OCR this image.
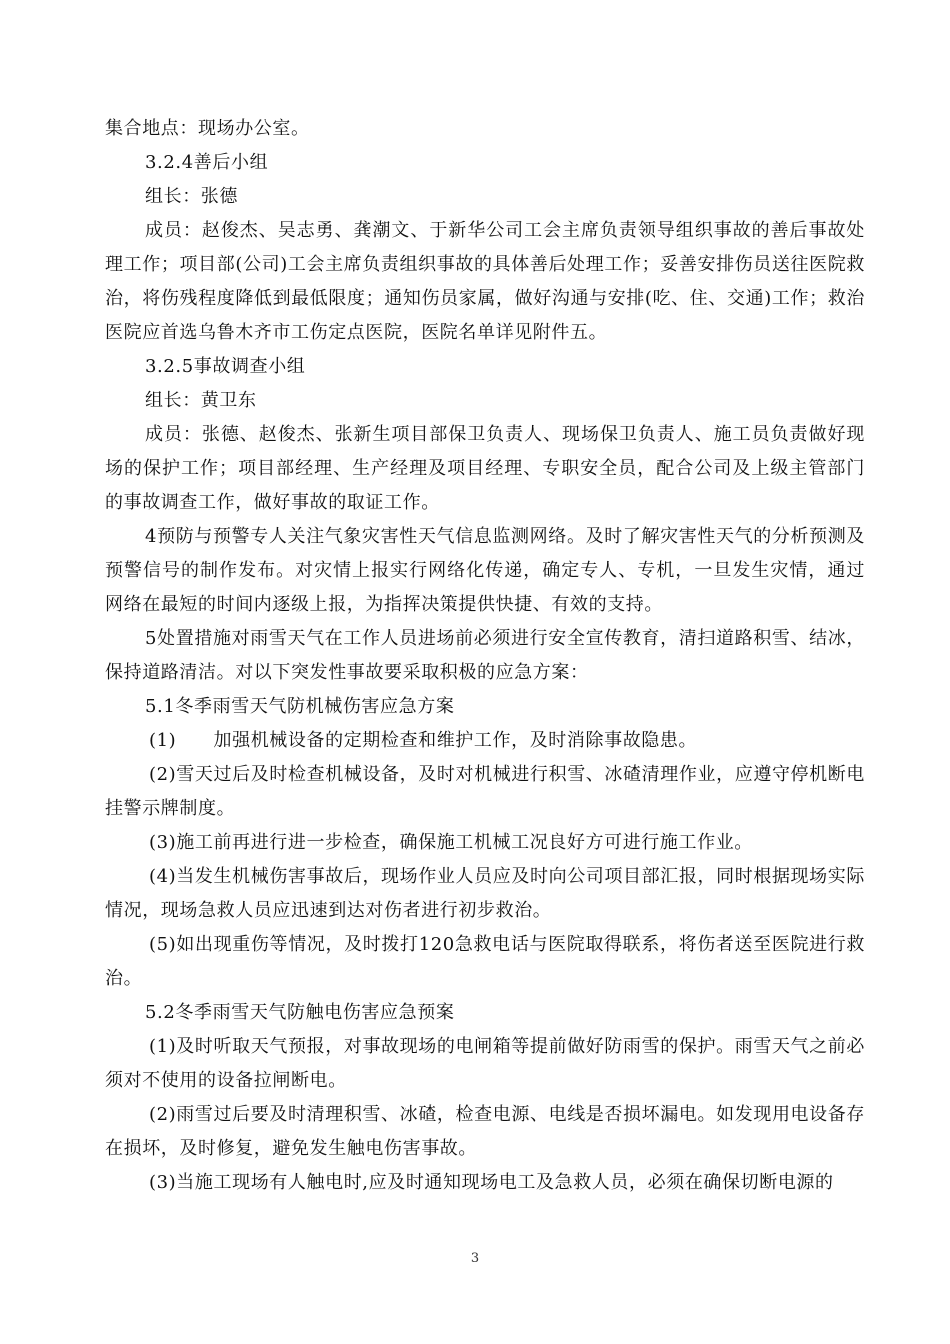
集合地点：现场办公室。

3.2.4善后小组

组长：张德

成员：赵俊杰、吴志勇、龚潮文、于新华公司工会主席负责领导组织事故的善后事故处理工作；项目部(公司)工会主席负责组织事故的具体善后处理工作；妥善安排伤员送往医院救治，将伤残程度降低到最低限度；通知伤员家属，做好沟通与安排(吃、住、交通)工作；救治医院应首选乌鲁木齐市工伤定点医院，医院名单详见附件五。

3.2.5事故调查小组

组长：黄卫东

成员：张德、赵俊杰、张新生项目部保卫负责人、现场保卫负责人、施工员负责做好现场的保护工作；项目部经理、生产经理及项目经理、专职安全员，配合公司及上级主管部门的事故调查工作，做好事故的取证工作。

4预防与预警专人关注气象灾害性天气信息监测网络。及时了解灾害性天气的分析预测及预警信号的制作发布。对灾情上报实行网络化传递，确定专人、专机，一旦发生灾情，通过网络在最短的时间内逐级上报，为指挥决策提供快捷、有效的支持。

5处置措施对雨雪天气在工作人员进场前必须进行安全宣传教育，清扫道路积雪、结冰，保持道路清洁。对以下突发性事故要采取积极的应急方案：

5.1冬季雨雪天气防机械伤害应急方案

(1)　　加强机械设备的定期检查和维护工作，及时消除事故隐患。

(2)雪天过后及时检查机械设备，及时对机械进行积雪、冰碴清理作业，应遵守停机断电挂警示牌制度。

(3)施工前再进行进一步检查，确保施工机械工况良好方可进行施工作业。

(4)当发生机械伤害事故后，现场作业人员应及时向公司项目部汇报，同时根据现场实际情况，现场急救人员应迅速到达对伤者进行初步救治。

(5)如出现重伤等情况，及时拨打120急救电话与医院取得联系，将伤者送至医院进行救治。

5.2冬季雨雪天气防触电伤害应急预案

(1)及时听取天气预报，对事故现场的电闸箱等提前做好防雨雪的保护。雨雪天气之前必须对不使用的设备拉闸断电。

(2)雨雪过后要及时清理积雪、冰碴，检查电源、电线是否损坏漏电。如发现用电设备存在损坏，及时修复，避免发生触电伤害事故。

(3)当施工现场有人触电时,应及时通知现场电工及急救人员，必须在确保切断电源的

3
